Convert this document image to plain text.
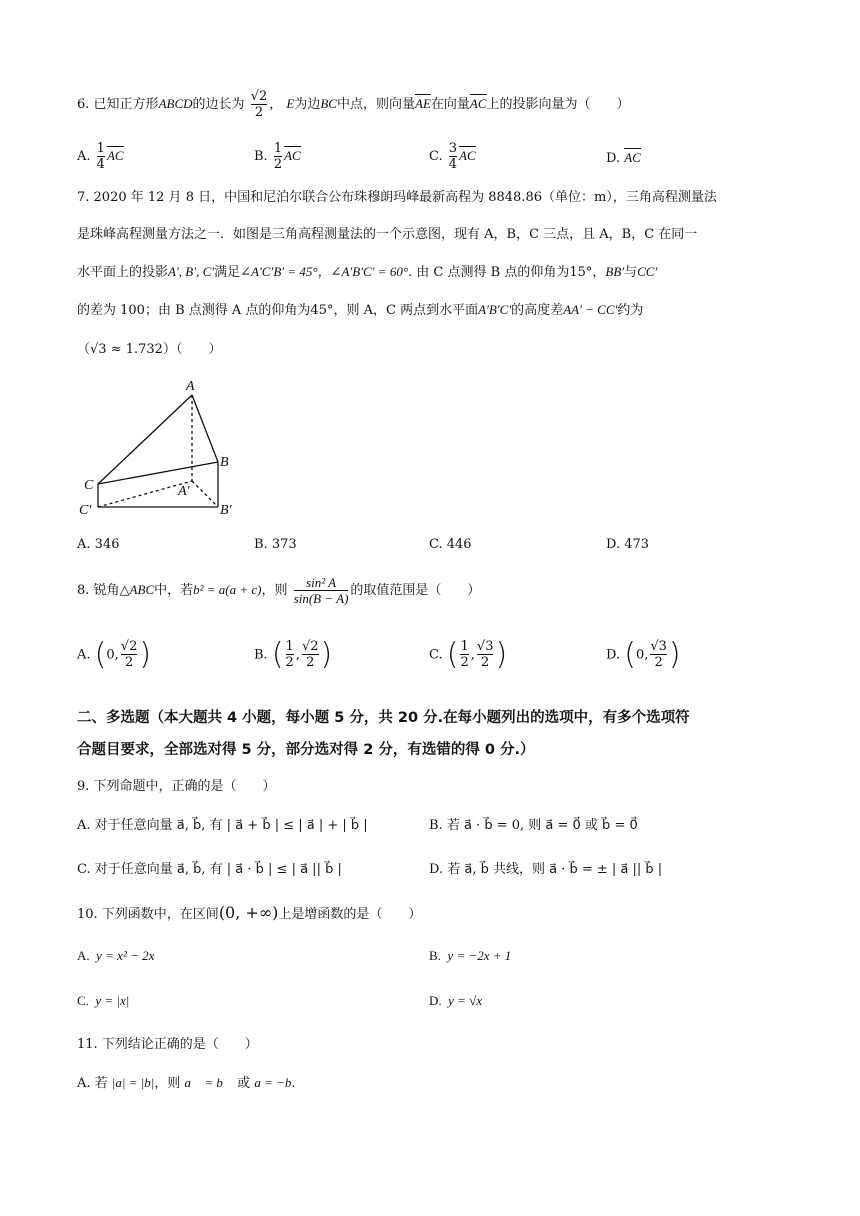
6. 已知正方形ABCD的边长为 $\frac{√2}{2}$ ， E为边BC中点，则向量AE在向量AC上的投影向量为（　　）
A. $\frac{1}{4}$ AC	B. $\frac{1}{2}$ AC	C. $\frac{3}{4}$ AC	D. AC
7. 2020 年 12 月 8 日，中国和尼泊尔联合公布珠穆朗玛峰最新高程为 8848.86（单位：m），三角高程测量法
是珠峰高程测量方法之一．如图是三角高程测量法的一个示意图，现有 A，B，C 三点，且 A，B，C 在同一
水平面上的投影A′, B′, C′满足∠A′C′B′ = 45°，∠A′B′C′ = 60°. 由 C 点测得 B 点的仰角为15°，BB′与CC′
的差为 100；由 B 点测得 A 点的仰角为45°，则 A，C 两点到水平面A′B′C′的高度差AA′ − CC′约为
（√3 ≈ 1.732）（　　）
A
B
C	A′
B′
C′
A. 346	B. 373	C. 446	D. 473
8. 锐角△ABC中，若b² = a(a + c)，则 $\frac{\text{sin² A}}{\sin(B - A)}$ 的取值范围是（　　）
A. (0, $\frac{√2}{2}$ )	B. ( $\frac{1}{2}$ , $\frac{√2}{2}$ )	C. ( $\frac{1}{2}$ , $\frac{√3}{2}$ )	D. (0, $\frac{√3}{2}$ )
二、多选题（本大题共 4 小题，每小题 5 分，共 20 分.在每小题列出的选项中，有多个选项符
合题目要求，全部选对得 5 分，部分选对得 2 分，有选错的得 0 分.）
9. 下列命题中，正确的是（　　）
A. 对于任意向量 a⃗, b⃗, 有 | a⃗ + b⃗ | ≤ | a⃗ | + | b⃗ |	B. 若 a⃗ · b⃗ = 0, 则 a⃗ = 0⃗ 或 b⃗ = 0⃗
C. 对于任意向量 a⃗, b⃗, 有 | a⃗ · b⃗ | ≤ | a⃗ || b⃗ |	D. 若 a⃗, b⃗ 共线，则 a⃗ · b⃗ = ± | a⃗ || b⃗ |
10. 下列函数中，在区间(0, +∞)上是增函数的是（　　）
A. y = x² − 2x	B. y = −2x + 1
C. y = |x|	D. y = √x
11. 下列结论正确的是（　　）
A. 若 |a| = |b|，则 a⃗ = b⃗ 或 a = −b.
